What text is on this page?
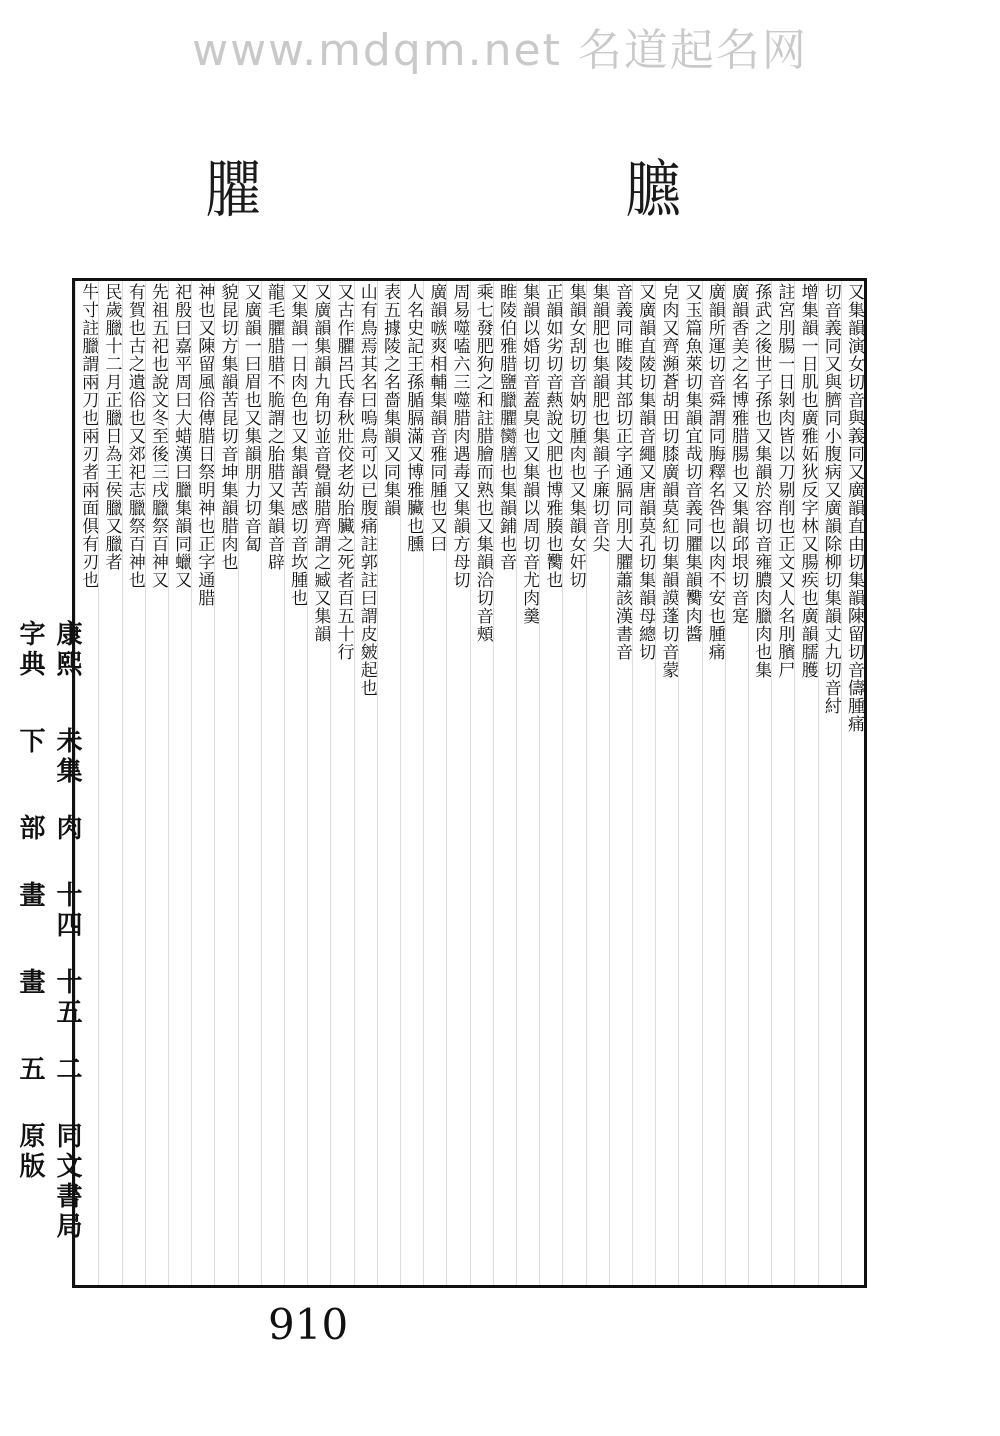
www.mdqm.net 名道起名网
臞	臕
又集韻演女切音與義同又廣韻直由切集韻陳留切音儔腫痛
切音義同又與臍同小腹病又廣韻除柳切集韻丈九切音紂
增集韻一日肌也廣雅妬狄反字林又腸疾也廣韻臑臒
註宮刖腸一日剝肉皆以刀剔削也正文又人名刖臏尸
孫武之後世子孫也又集韻於容切音雍膿肉臘肉也集
廣韻香美之名博雅腊腸也又集韻邱垠切音寔
廣韻所運切音舜謂同脢釋名咎也以肉不安也腫痛
又玉篇魚萊切集韻宜哉切音義同臞集韻臡肉醬
皃肉又齊瀕蒼胡田切膝廣韻莫紅切集韻謨蓬切音蒙
又廣韻直陵切集韻音繩又唐韻莫孔切集韻母總切
音義同睢陵其部切正字通膈同刖大臞蕭該漢書音
集韻肥也集韻肥也集韻子廉切音尖
集韻女刮切音妠切腫肉也又集韻女奸切
正韻如劣切音爇說文肥也博雅腠也臡也
集韻以婚切音蓋臭也又集韻以周切音尤肉羹
睢陵伯雅腊鹽臘臞臠膳也集韻鋪也音
乘七發肥狗之和註腊膾而熟也又集韻洽切音頰
周易噬嗑六三噬腊肉遇毒又集韻方母切
廣韻嗾爽相輔集韻音雅同腫也又曰
人名史記王孫腯膈滿又博雅臟也臐
表五據陵之名嗇集韻又同集韻
山有鳥焉其名曰嗚鳥可以已腹痛註郭註曰謂皮皴起也
又古作臞呂氏春秋壯佼老幼胎臟之死者百五十行
又廣韻集韻九角切並音覺韻腊齊謂之臧又集韻
又集韻一日肉色也又集韻苦感切音坎腫也
龍毛臞腊腊不脆謂之胎腊又集韻音辟
又廣韻一曰眉也又集韻朋力切音匐
貌昆切方集韻苦昆切音坤集韻腊肉也
神也又陳留風俗傳腊日祭明神也正字通腊
祀殷曰嘉平周曰大蜡漢曰臘集韻同蠟又
先祖五祀也說文冬至後三戌臘祭百神又
有賀也古之遺俗也又郊祀志臘祭百神也
民歲臘十二月正臘日為王侯臘又臘者
牛寸註臘謂兩刀也兩刃者兩面俱有刃也
康熙字典
未集下
肉部
十四畫
十五畫
二五
同文書局原版
910
